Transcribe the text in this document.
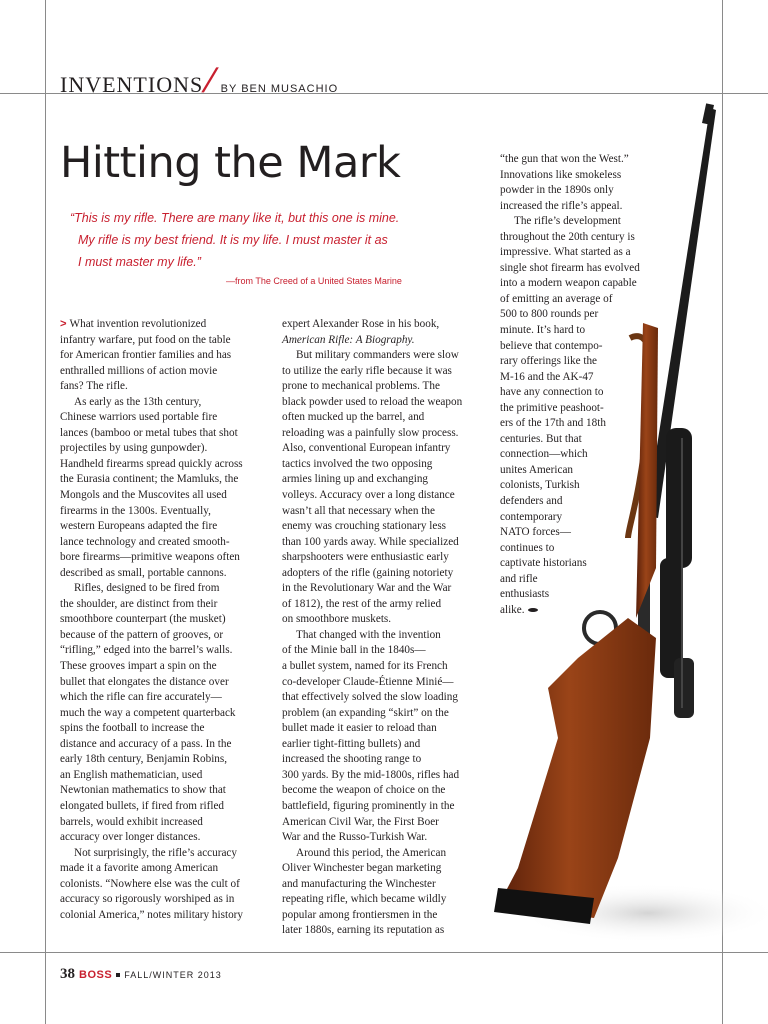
INVENTIONS
/ BY BEN MUSACHIO
Hitting the Mark
“This is my rifle. There are many like it, but this one is mine.
My rifle is my best friend. It is my life. I must master it as
I must master my life.”
—from The Creed of a United States Marine
> What invention revolutionized
infantry warfare, put food on the table
for American frontier families and has
enthralled millions of action movie
fans? The rifle.
As early as the 13th century,
Chinese warriors used portable fire
lances (bamboo or metal tubes that shot
projectiles by using gunpowder).
Handheld firearms spread quickly across
the Eurasia continent; the Mamluks, the
Mongols and the Muscovites all used
firearms in the 1300s. Eventually,
western Europeans adapted the fire
lance technology and created smooth-
bore firearms—primitive weapons often
described as small, portable cannons.
Rifles, designed to be fired from
the shoulder, are distinct from their
smoothbore counterpart (the musket)
because of the pattern of grooves, or
“rifling,” edged into the barrel’s walls.
These grooves impart a spin on the
bullet that elongates the distance over
which the rifle can fire accurately—
much the way a competent quarterback
spins the football to increase the
distance and accuracy of a pass. In the
early 18th century, Benjamin Robins,
an English mathematician, used
Newtonian mathematics to show that
elongated bullets, if fired from rifled
barrels, would exhibit increased
accuracy over longer distances.
Not surprisingly, the rifle’s accuracy
made it a favorite among American
colonists. “Nowhere else was the cult of
accuracy so rigorously worshiped as in
colonial America,” notes military history
expert Alexander Rose in his book,
American Rifle: A Biography.
But military commanders were slow
to utilize the early rifle because it was
prone to mechanical problems. The
black powder used to reload the weapon
often mucked up the barrel, and
reloading was a painfully slow process.
Also, conventional European infantry
tactics involved the two opposing
armies lining up and exchanging
volleys. Accuracy over a long distance
wasn’t all that necessary when the
enemy was crouching stationary less
than 100 yards away. While specialized
sharpshooters were enthusiastic early
adopters of the rifle (gaining notoriety
in the Revolutionary War and the War
of 1812), the rest of the army relied
on smoothbore muskets.
That changed with the invention
of the Minie ball in the 1840s—
a bullet system, named for its French
co-developer Claude-Étienne Minié—
that effectively solved the slow loading
problem (an expanding “skirt” on the
bullet made it easier to reload than
earlier tight-fitting bullets) and
increased the shooting range to
300 yards. By the mid-1800s, rifles had
become the weapon of choice on the
battlefield, figuring prominently in the
American Civil War, the First Boer
War and the Russo-Turkish War.
Around this period, the American
Oliver Winchester began marketing
and manufacturing the Winchester
repeating rifle, which became wildly
popular among frontiersmen in the
later 1880s, earning its reputation as
“the gun that won the West.”
Innovations like smokeless
powder in the 1890s only
increased the rifle’s appeal.
The rifle’s development
throughout the 20th century is
impressive. What started as a
single shot firearm has evolved
into a modern weapon capable
of emitting an average of
500 to 800 rounds per
minute. It’s hard to
believe that contempo-
rary offerings like the
M-16 and the AK-47
have any connection to
the primitive peashoot-
ers of the 17th and 18th
centuries. But that
connection—which
unites American
colonists, Turkish
defenders and
contemporary
NATO forces—
continues to
captivate historians
and rifle
enthusiasts
alike.
38 BOSS FALL/WINTER 2013
